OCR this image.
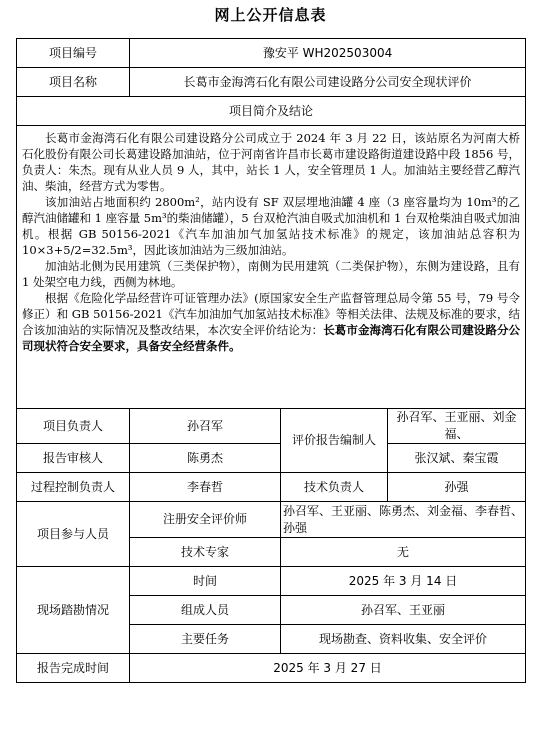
网上公开信息表
项目编号	豫安平 WH202503004		
项目名称	长葛市金海湾石化有限公司建设路分公司安全现状评价		
项目简介及结论			

长葛市金海湾石化有限公司建设路分公司成立于 2024 年 3 月 22 日，该站原名为河南大桥石化股份有限公司长葛建设路加油站，位于河南省许昌市长葛市建设路街道建设路中段 1856 号，负责人：朱杰。现有从业人员 9 人，其中，站长 1 人，安全管理员 1 人。加油站主要经营乙醇汽油、柴油，经营方式为零售。

该加油站占地面积约 2800m²，站内设有 SF 双层埋地油罐 4 座（3 座容量均为 10m³的乙醇汽油储罐和 1 座容量 5m³的柴油储罐），5 台双枪汽油自吸式加油机和 1 台双枪柴油自吸式加油机。根据 GB 50156-2021《汽车加油加气加氢站技术标准》的规定，该加油站总容积为 10×3+5/2=32.5m³，因此该加油站为三级加油站。

加油站北侧为民用建筑（三类保护物），南侧为民用建筑（二类保护物），东侧为建设路，且有 1 处架空电力线，西侧为林地。

根据《危险化学品经营许可证管理办法》(原国家安全生产监督管理总局令第 55 号，79 号令修正）和 GB 50156-2021《汽车加油加气加氢站技术标准》等相关法律、法规及标准的要求，结合该加油站的实际情况及整改结果，本次安全评价结论为：长葛市金海湾石化有限公司建设路分公司现状符合安全要求，具备安全经营条件。			

项目负责人	孙召军	评价报告编制人	孙召军、王亚丽、刘金福、
报告审核人	陈勇杰		张汉斌、秦宝霞
过程控制负责人	李春哲	技术负责人	孙强
项目参与人员	注册安全评价师	孙召军、王亚丽、陈勇杰、刘金福、李春哲、孙强	
	技术专家	无	
现场踏勘情况	时间	2025 年 3 月 14 日	
	组成人员	孙召军、王亚丽	
	主要任务	现场勘查、资料收集、安全评价	
报告完成时间	2025 年 3 月 27 日		
